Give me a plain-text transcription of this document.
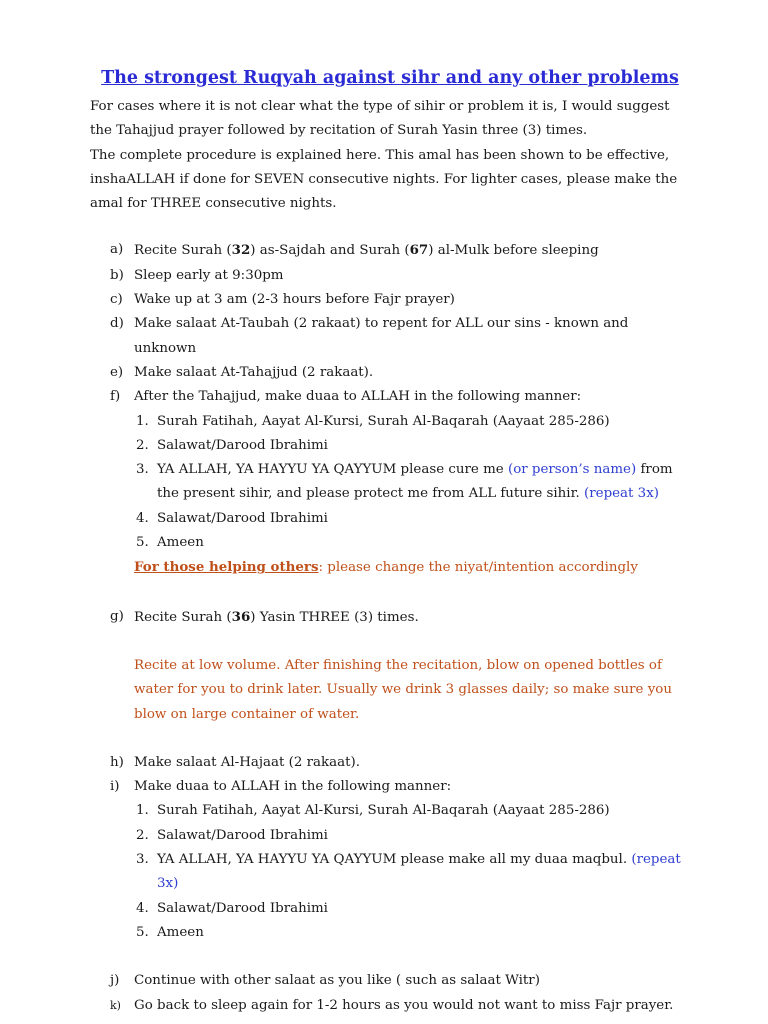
The strongest Ruqyah against sihr and any other problems

For cases where it is not clear what the type of sihir or problem it is, I would suggest the Tahajjud prayer followed by recitation of Surah Yasin three (3) times.

The complete procedure is explained here. This amal has been shown to be effective, inshaALLAH if done for SEVEN consecutive nights. For lighter cases, please make the amal for THREE consecutive nights.

a) Recite Surah (32) as-Sajdah and Surah (67) al-Mulk before sleeping
b) Sleep early at 9:30pm
c) Wake up at 3 am (2-3 hours before Fajr prayer)
d) Make salaat At-Taubah (2 rakaat) to repent for ALL our sins - known and unknown
e) Make salaat At-Tahajjud (2 rakaat).
f) After the Tahajjud, make duaa to ALLAH in the following manner:
1. Surah Fatihah, Aayat Al-Kursi, Surah Al-Baqarah (Aayaat 285-286)
2. Salawat/Darood Ibrahimi
3. YA ALLAH, YA HAYYU YA QAYYUM please cure me (or person’s name) from the present sihir, and please protect me from ALL future sihir. (repeat 3x)
4. Salawat/Darood Ibrahimi
5. Ameen
For those helping others: please change the niyat/intention accordingly
g) Recite Surah (36) Yasin THREE (3) times.
Recite at low volume. After finishing the recitation, blow on opened bottles of water for you to drink later. Usually we drink 3 glasses daily; so make sure you blow on large container of water.
h) Make salaat Al-Hajaat (2 rakaat).
i) Make duaa to ALLAH in the following manner:
1. Surah Fatihah, Aayat Al-Kursi, Surah Al-Baqarah (Aayaat 285-286)
2. Salawat/Darood Ibrahimi
3. YA ALLAH, YA HAYYU YA QAYYUM please make all my duaa maqbul. (repeat 3x)
4. Salawat/Darood Ibrahimi
5. Ameen
j) Continue with other salaat as you like ( such as salaat Witr)
k) Go back to sleep again for 1-2 hours as you would not want to miss Fajr prayer.
